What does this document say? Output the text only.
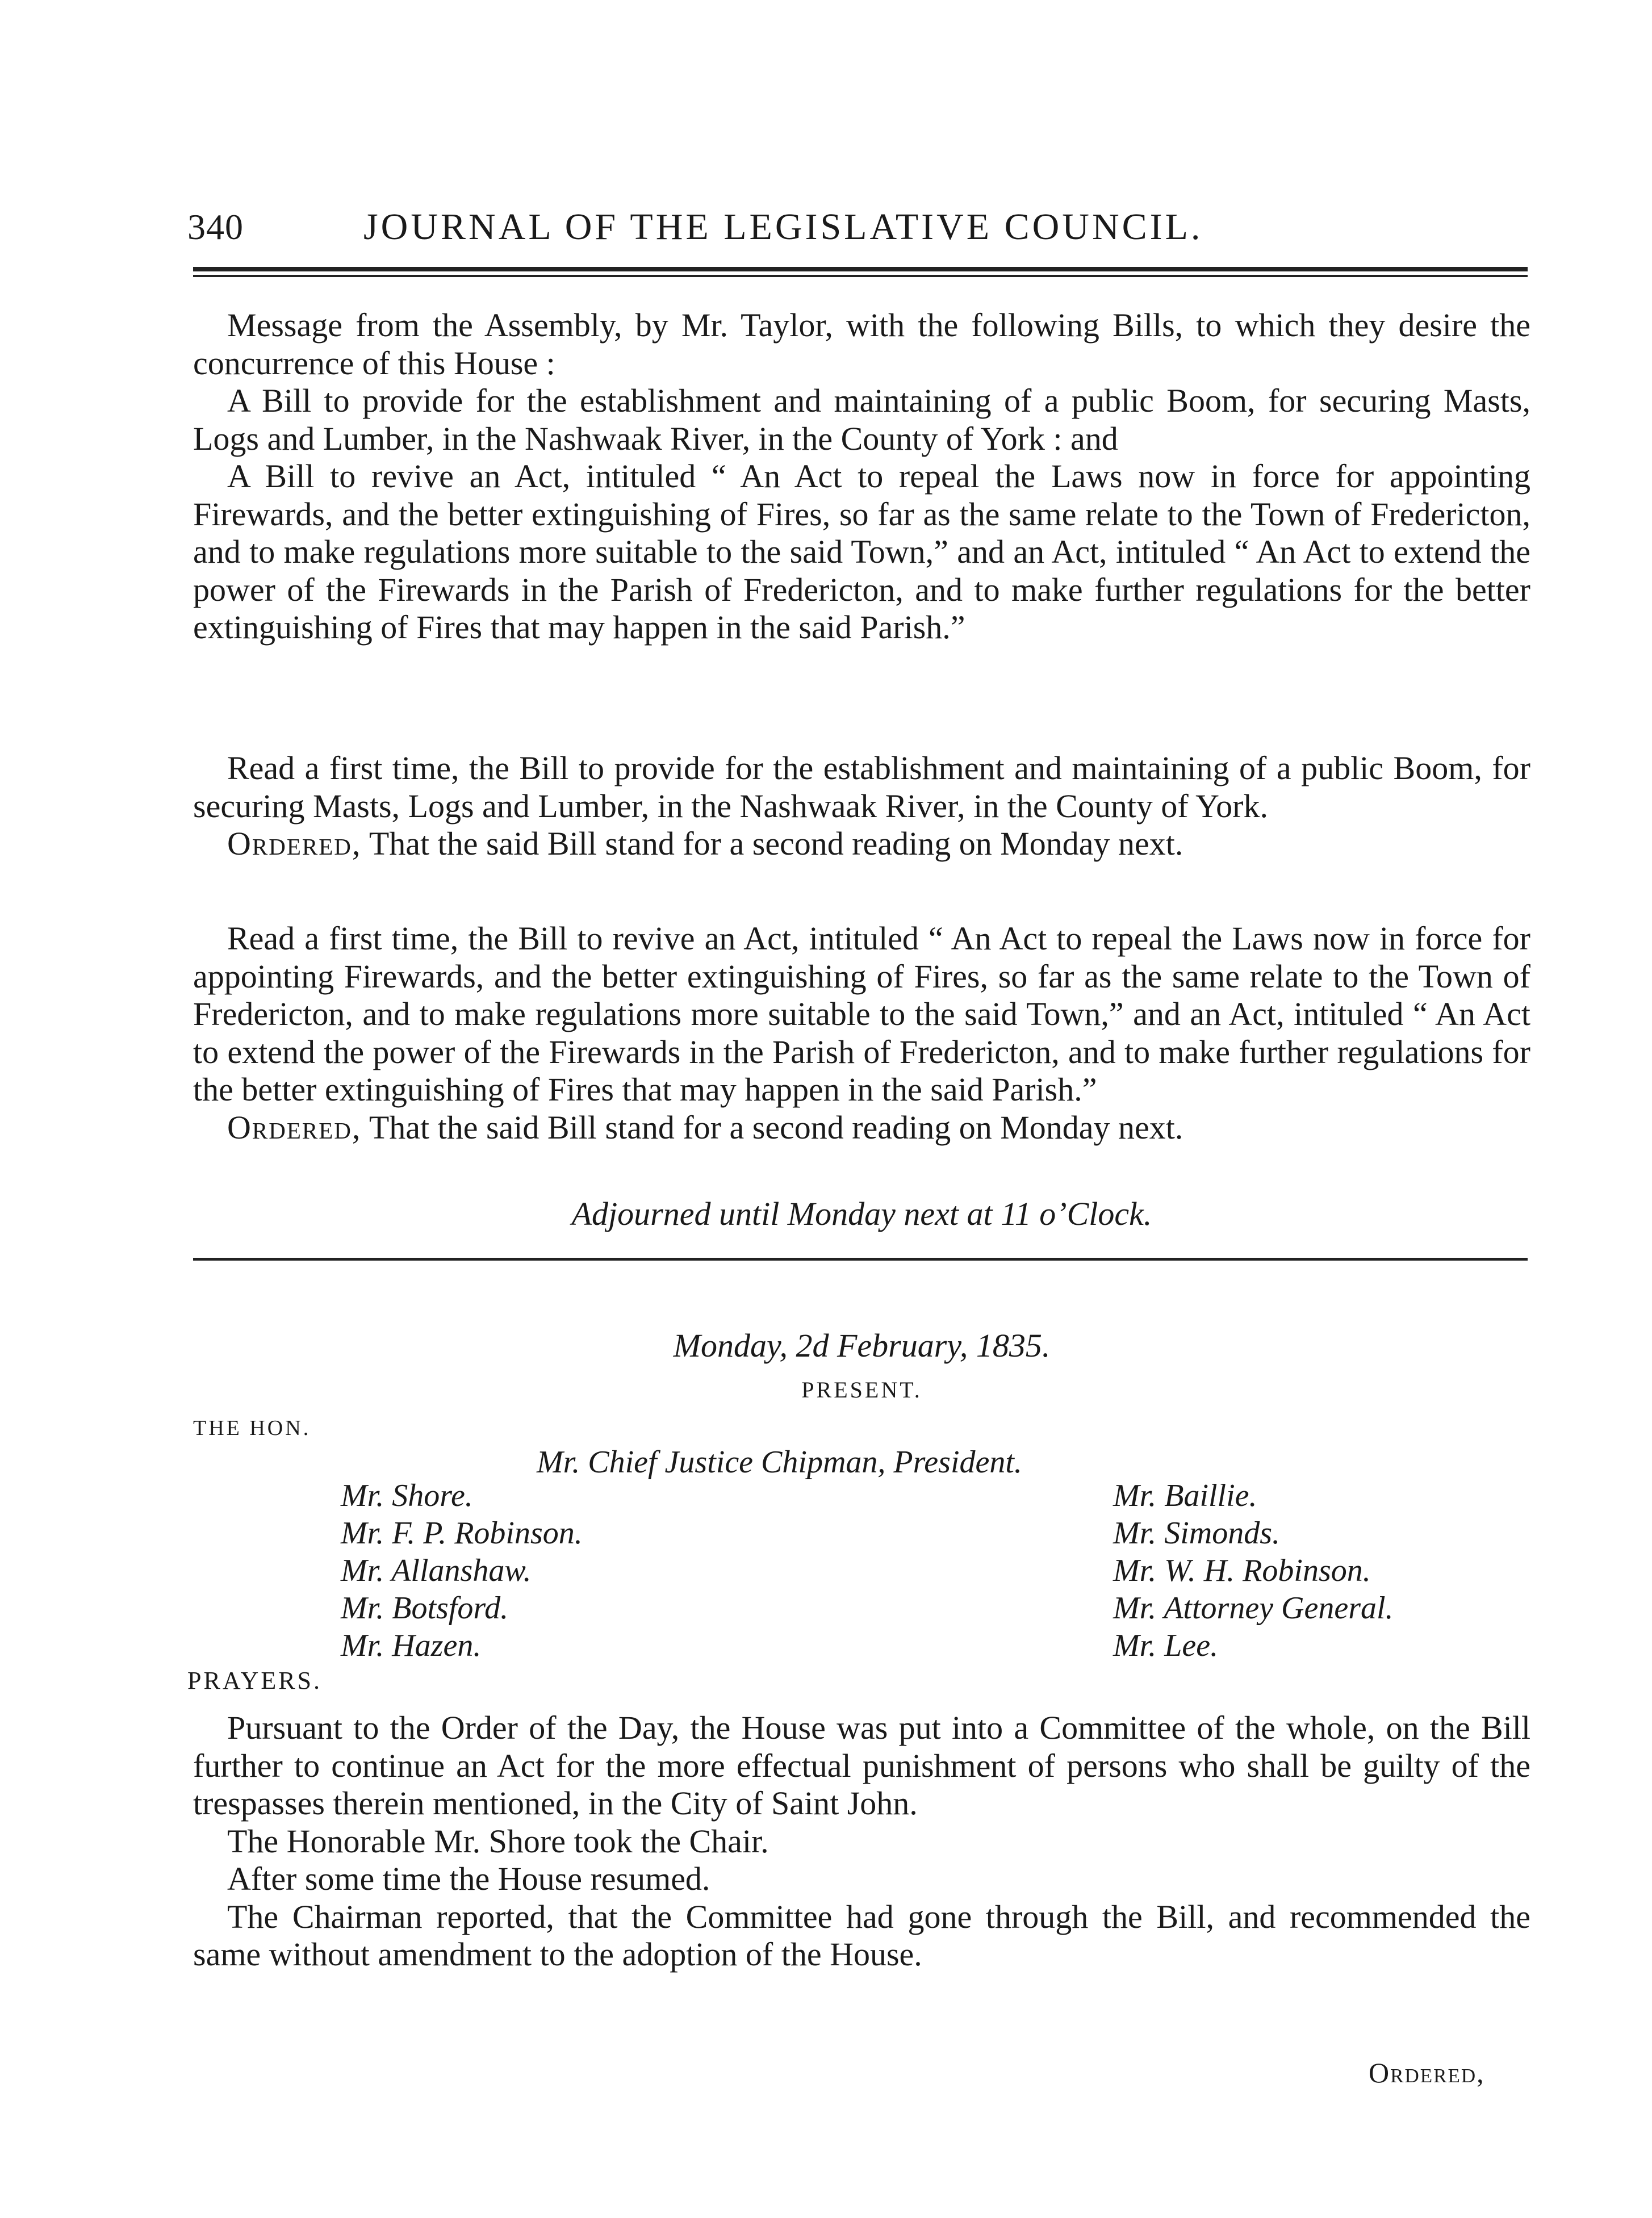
340	JOURNAL OF THE LEGISLATIVE COUNCIL.

Message from the Assembly, by Mr. Taylor, with the following Bills, to which they desire the concurrence of this House :

A Bill to provide for the establishment and maintaining of a public Boom, for securing Masts, Logs and Lumber, in the Nashwaak River, in the County of York : and

A Bill to revive an Act, intituled “ An Act to repeal the Laws now in force for appointing Firewards, and the better extinguishing of Fires, so far as the same relate to the Town of Fredericton, and to make regulations more suitable to the said Town,” and an Act, intituled “ An Act to extend the power of the Firewards in the Parish of Fredericton, and to make further regulations for the better extinguishing of Fires that may happen in the said Parish.”

Read a first time, the Bill to provide for the establishment and maintaining of a public Boom, for securing Masts, Logs and Lumber, in the Nashwaak River, in the County of York.

Ordered, That the said Bill stand for a second reading on Monday next.

Read a first time, the Bill to revive an Act, intituled “ An Act to repeal the Laws now in force for appointing Firewards, and the better extinguishing of Fires, so far as the same relate to the Town of Fredericton, and to make regulations more suitable to the said Town,” and an Act, intituled “ An Act to extend the power of the Firewards in the Parish of Fredericton, and to make further regulations for the better extinguishing of Fires that may happen in the said Parish.”

Ordered, That the said Bill stand for a second reading on Monday next.

Adjourned until Monday next at 11 o’Clock.
Monday, 2d February, 1835.
PRESENT.
THE HON.
Mr. Chief Justice Chipman, President.
Mr. Shore.
Mr. F. P. Robinson.
Mr. Allanshaw.
Mr. Botsford.
Mr. Hazen.
Mr. Baillie.
Mr. Simonds.
Mr. W. H. Robinson.
Mr. Attorney General.
Mr. Lee.
PRAYERS.

Pursuant to the Order of the Day, the House was put into a Committee of the whole, on the Bill further to continue an Act for the more effectual punishment of persons who shall be guilty of the trespasses therein mentioned, in the City of Saint John.

The Honorable Mr. Shore took the Chair.

After some time the House resumed.

The Chairman reported, that the Committee had gone through the Bill, and recommended the same without amendment to the adoption of the House.

Ordered,
